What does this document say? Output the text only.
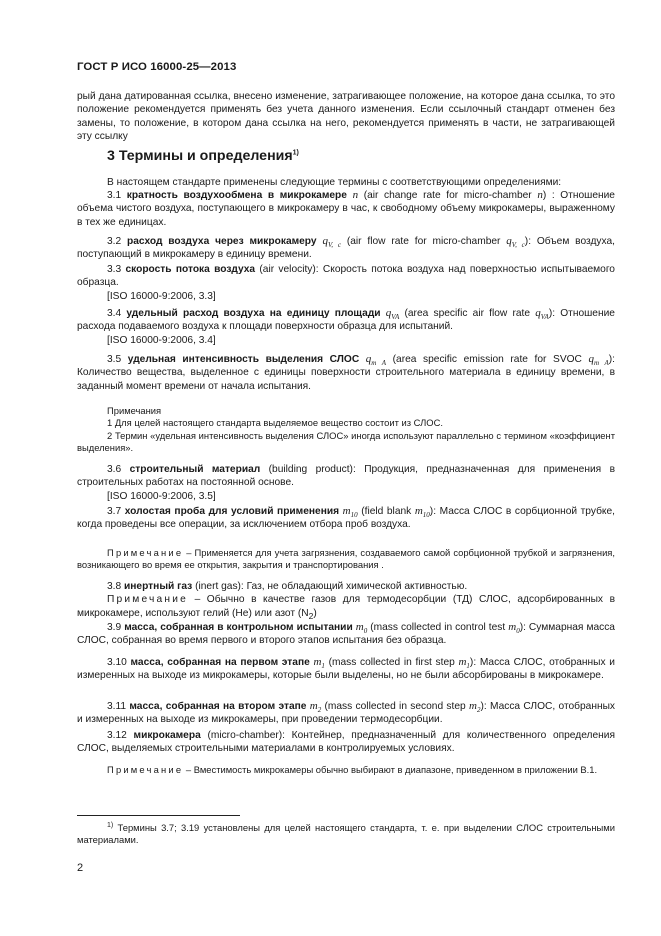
ГОСТ Р ИСО 16000-25—2013

рый дана датированная ссылка, внесено изменение, затрагивающее положение, на которое дана ссылка, то это положение рекомендуется применять без учета данного изменения. Если ссылочный стандарт отменен без замены, то положение, в котором дана ссылка на него, рекомендуется применять в части, не затрагивающей эту ссылку

3 Термины и определения$^{1)}$

В настоящем стандарте применены следующие термины с соответствующими определениями:

3.1 кратность воздухообмена в микрокамере n (air change rate for micro-chamber n) : Отношение объема чистого воздуха, поступающего в микрокамеру в час, к свободному объему микрокамеры, выраженному в тех же единицах.

3.2 расход воздуха через микрокамеру $q_{V, c}$ (air flow rate for micro-chamber $q_{V, c}$): Объем воздуха, поступающий в микрокамеру в единицу времени.

3.3 скорость потока воздуха (air velocity): Скорость потока воздуха над поверхностью испытываемого образца.

[ISO 16000-9:2006, 3.3]

3.4 удельный расход воздуха на единицу площади $q_{VA}$ (area specific air flow rate $q_{VA}$): Отношение расхода подаваемого воздуха к площади поверхности образца для испытаний.

[ISO 16000-9:2006, 3.4]

3.5 удельная интенсивность выделения СЛОС $q_{m A}$ (area specific emission rate for SVOC $q_{m A}$): Количество вещества, выделенное с единицы поверхности строительного материала в единицу времени, в заданный момент времени от начала испытания.

Примечания

1 Для целей настоящего стандарта выделяемое вещество состоит из СЛОС.

2 Термин «удельная интенсивность выделения СЛОС» иногда используют параллельно с термином «коэффициент выделения».

3.6 строительный материал (building product): Продукция, предназначенная для применения в строительных работах на постоянной основе.

[ISO 16000-9:2006, 3.5]

3.7 холостая проба для условий применения $m_{10}$ (field blank $m_{10}$): Масса СЛОС в сорбционной трубке, когда проведены все операции, за исключением отбора проб воздуха.

Примечание – Применяется для учета загрязнения, создаваемого самой сорбционной трубкой и загрязнения, возникающего во время ее открытия, закрытия и транспортирования .

3.8 инертный газ (inert gas): Газ, не обладающий химической активностью.

Примечание – Обычно в качестве газов для термодесорбции (ТД) СЛОС, адсорбированных в микрокамере, используют гелий (He) или азот $(N_2)$

3.9 масса, собранная в контрольном испытании $m_0$ (mass collected in control test $m_0$): Суммарная масса СЛОС, собранная во время первого и второго этапов испытания без образца.

3.10 масса, собранная на первом этапе $m_1$ (mass collected in first step $m_1$): Масса СЛОС, отобранных и измеренных на выходе из микрокамеры, которые были выделены, но не были абсорбированы в микрокамере.

3.11 масса, собранная на втором этапе $m_2$ (mass collected in second step $m_2$): Масса СЛОС, отобранных и измеренных на выходе из микрокамеры, при проведении термодесорбции.

3.12 микрокамера (micro-chamber): Контейнер, предназначенный для количественного определения СЛОС, выделяемых строительными материалами в контролируемых условиях.

Примечание – Вместимость микрокамеры обычно выбирают в диапазоне, приведенном в приложении В.1.

$^{1)}$ Термины 3.7; 3.19 установлены для целей настоящего стандарта, т. е. при выделении СЛОС строительными материалами.

2
